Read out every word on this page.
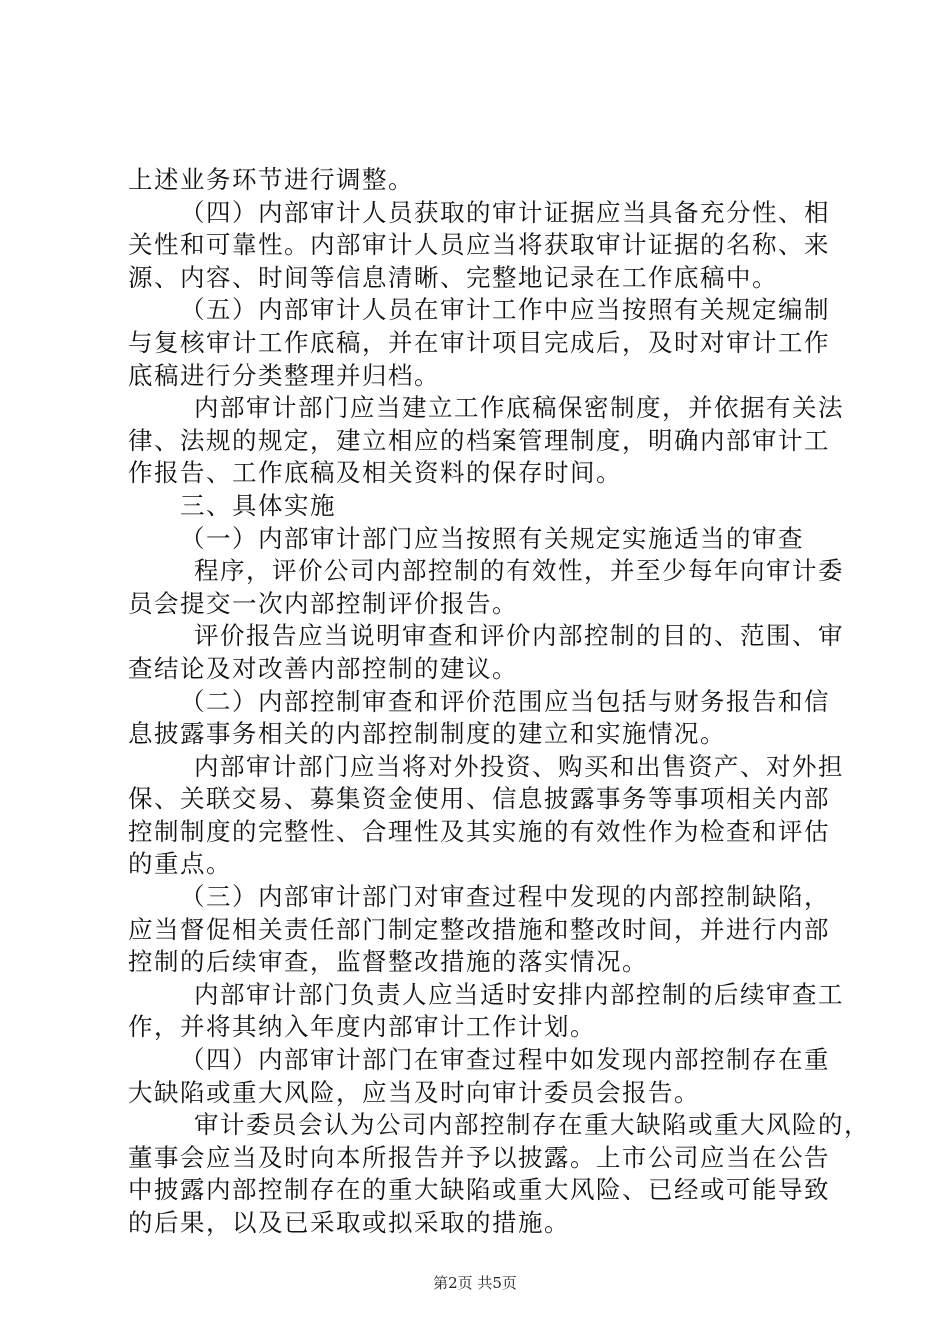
上述业务环节进行调整。
（四）内部审计人员获取的审计证据应当具备充分性、相
关性和可靠性。内部审计人员应当将获取审计证据的名称、来
源、内容、时间等信息清晰、完整地记录在工作底稿中。
（五）内部审计人员在审计工作中应当按照有关规定编制
与复核审计工作底稿，并在审计项目完成后，及时对审计工作
底稿进行分类整理并归档。
内部审计部门应当建立工作底稿保密制度，并依据有关法
律、法规的规定，建立相应的档案管理制度，明确内部审计工
作报告、工作底稿及相关资料的保存时间。
三、具体实施
（一）内部审计部门应当按照有关规定实施适当的审查
程序，评价公司内部控制的有效性，并至少每年向审计委
员会提交一次内部控制评价报告。
评价报告应当说明审查和评价内部控制的目的、范围、审
查结论及对改善内部控制的建议。
（二）内部控制审查和评价范围应当包括与财务报告和信
息披露事务相关的内部控制制度的建立和实施情况。
内部审计部门应当将对外投资、购买和出售资产、对外担
保、关联交易、募集资金使用、信息披露事务等事项相关内部
控制制度的完整性、合理性及其实施的有效性作为检查和评估
的重点。
（三）内部审计部门对审查过程中发现的内部控制缺陷，
应当督促相关责任部门制定整改措施和整改时间，并进行内部
控制的后续审查，监督整改措施的落实情况。
内部审计部门负责人应当适时安排内部控制的后续审查工
作，并将其纳入年度内部审计工作计划。
（四）内部审计部门在审查过程中如发现内部控制存在重
大缺陷或重大风险，应当及时向审计委员会报告。
审计委员会认为公司内部控制存在重大缺陷或重大风险的，
董事会应当及时向本所报告并予以披露。上市公司应当在公告
中披露内部控制存在的重大缺陷或重大风险、已经或可能导致
的后果，以及已采取或拟采取的措施。
第2页 共5页
